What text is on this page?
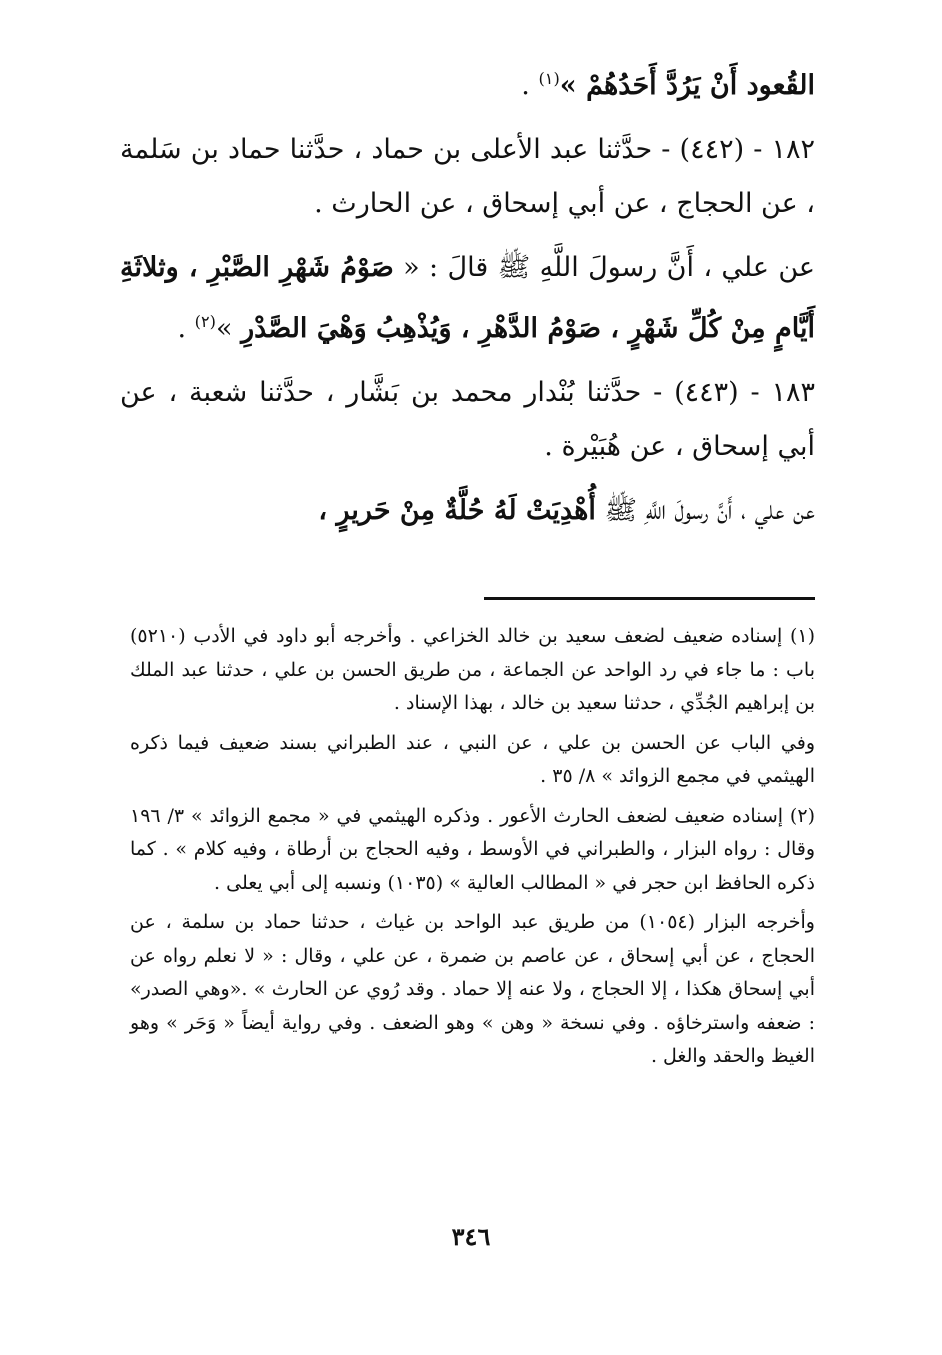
القُعود أَنْ يَرُدَّ أَحَدُهُمْ »$^{(١)}$ .

١٨٢ - (٤٤٢) - حدَّثنا عبد الأعلى بن حماد ، حدَّثنا حماد بن سَلمة ، عن الحجاج ، عن أبي إسحاق ، عن الحارث .

عن علي ، أَنَّ رسولَ اللَّهِ ﷺ قالَ : « صَوْمُ شَهْرِ الصَّبْرِ ، وثلاثَةِ أَيَّامٍ مِنْ كُلِّ شَهْرٍ ، صَوْمُ الدَّهْرِ ، وَيُذْهِبُ وَهْيَ الصَّدْرِ »$^{(٢)}$ .

١٨٣ - (٤٤٣) - حدَّثنا بُنْدار محمد بن بَشَّار ، حدَّثنا شعبة ، عن أبي إسحاق ، عن هُبَيْرة .

عن علي ، أَنَّ رسولَ اللَّهِ ﷺ أُهْدِيَتْ لَهُ حُلَّةٌ مِنْ حَريرٍ ،

(١) إسناده ضعيف لضعف سعيد بن خالد الخزاعي . وأخرجه أبو داود في الأدب (٥٢١٠) باب : ما جاء في رد الواحد عن الجماعة ، من طريق الحسن بن علي ، حدثنا عبد الملك بن إبراهيم الجُدِّي ، حدثنا سعيد بن خالد ، بهذا الإسناد .

وفي الباب عن الحسن بن علي ، عن النبي ، عند الطبراني بسند ضعيف فيما ذكره الهيثمي في مجمع الزوائد » ٨/ ٣٥ .

(٢) إسناده ضعيف لضعف الحارث الأعور . وذكره الهيثمي في « مجمع الزوائد » ٣/ ١٩٦ وقال : رواه البزار ، والطبراني في الأوسط ، وفيه الحجاج بن أرطاة ، وفيه كلام » . كما ذكره الحافظ ابن حجر في « المطالب العالية » (١٠٣٥) ونسبه إلى أبي يعلى .

وأخرجه البزار (١٠٥٤) من طريق عبد الواحد بن غياث ، حدثنا حماد بن سلمة ، عن الحجاج ، عن أبي إسحاق ، عن عاصم بن ضمرة ، عن علي ، وقال : « لا نعلم رواه عن أبي إسحاق هكذا ، إلا الحجاج ، ولا عنه إلا حماد . وقد رُوي عن الحارث » .«وهي الصدر» : ضعفه واسترخاؤه . وفي نسخة « وهن » وهو الضعف . وفي رواية أيضاً « وَحَر » وهو الغيظ والحقد والغل .

٣٤٦
